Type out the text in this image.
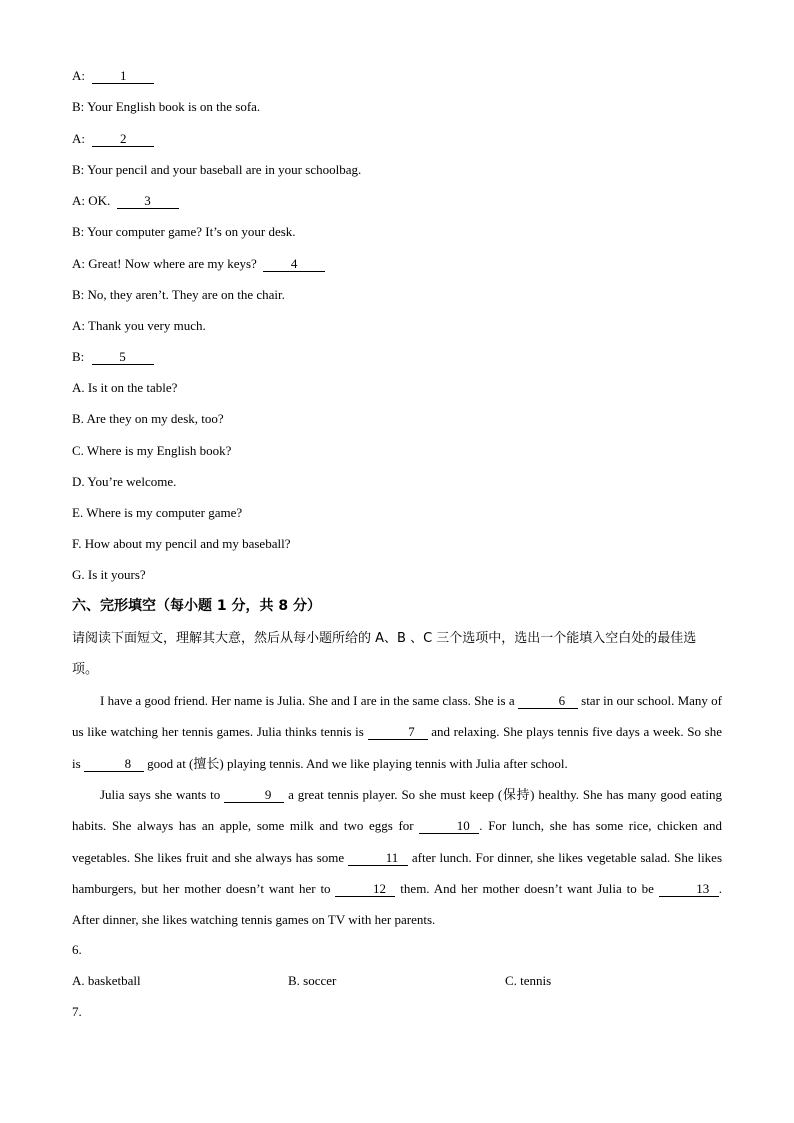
A:	1
B: Your English book is on the sofa.
A:	2
B: Your pencil and your baseball are in your schoolbag.
A: OK.	3
B: Your computer game? It’s on your desk.
A: Great! Now where are my keys?	4
B: No, they aren’t. They are on the chair.
A: Thank you very much.
B:	5
A. Is it on the table?
B. Are they on my desk, too?
C. Where is my English book?
D. You’re welcome.
E. Where is my computer game?
F. How about my pencil and my baseball?
G. Is it yours?
六、完形填空（每小题 1 分，共 8 分）
请阅读下面短文，理解其大意，然后从每小题所给的 A、B 、C 三个选项中，选出一个能填入空白处的最佳选项。
I have a good friend. Her name is Julia. She and I are in the same class. She is a	6 star in our school. Many of us like watching her tennis games. Julia thinks tennis is	7 and relaxing. She plays tennis five days a week. So she is	8 good at (擅长) playing tennis. And we like playing tennis with Julia after school.
Julia says she wants to	9 a great tennis player. So she must keep (保持) healthy. She has many good eating habits. She always has an apple, some milk and two eggs for	10 . For lunch, she has some rice, chicken and vegetables. She likes fruit and she always has some	11 after lunch. For dinner, she likes vegetable salad. She likes hamburgers, but her mother doesn’t want her to	12 them. And her mother doesn’t want Julia to be	13 . After dinner, she likes watching tennis games on TV with her parents.
6.
A. basketball	B. soccer	C. tennis
7.
